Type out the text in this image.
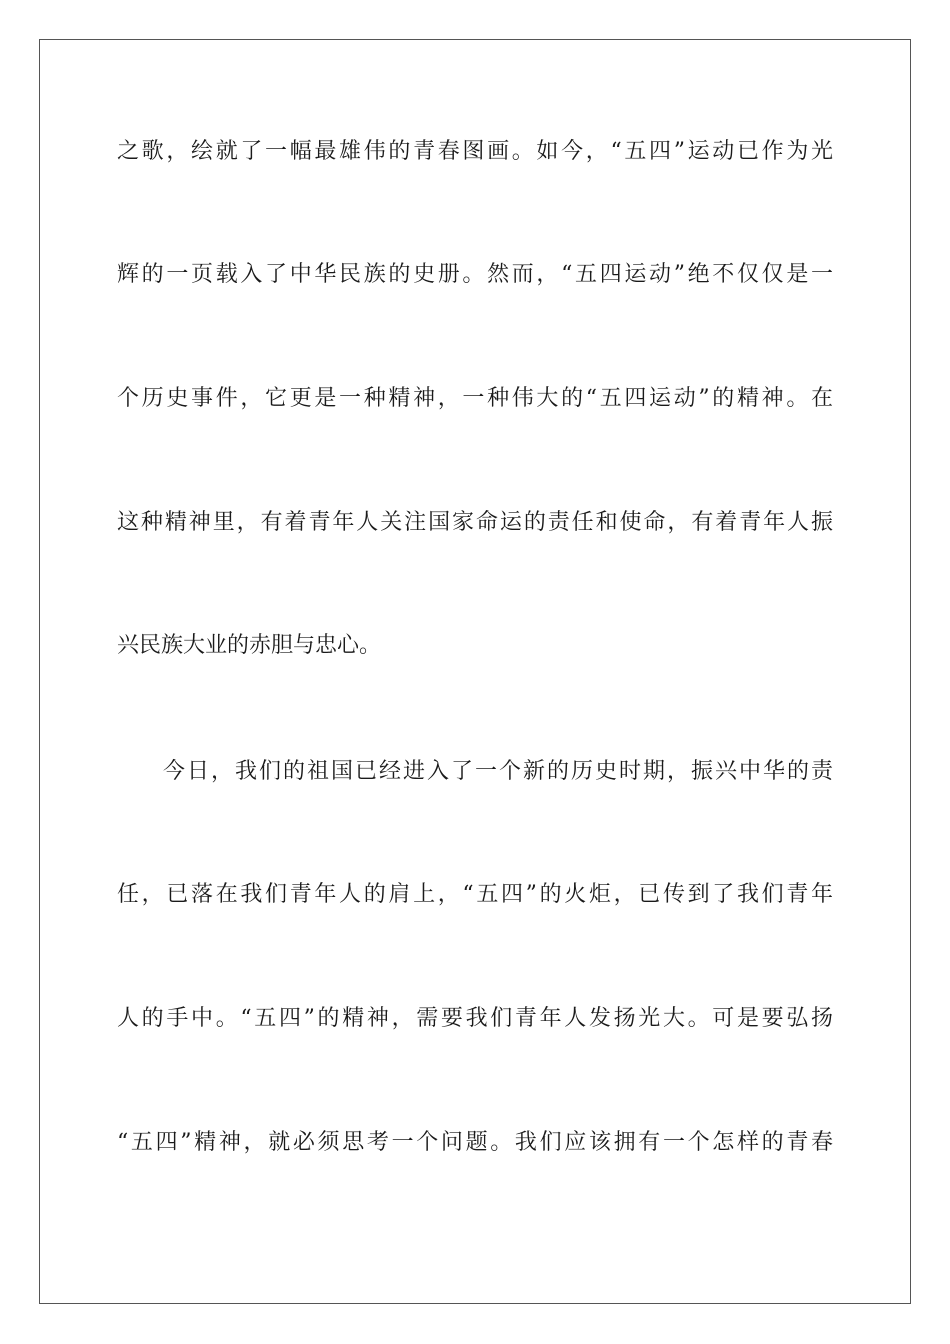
之歌，绘就了一幅最雄伟的青春图画。如今，“五四”运动已作为光
辉的一页载入了中华民族的史册。然而，“五四运动”绝不仅仅是一
个历史事件，它更是一种精神，一种伟大的“五四运动”的精神。在
这种精神里，有着青年人关注国家命运的责任和使命，有着青年人振
兴民族大业的赤胆与忠心。
今日，我们的祖国已经进入了一个新的历史时期，振兴中华的责
任，已落在我们青年人的肩上，“五四”的火炬，已传到了我们青年
人的手中。“五四”的精神，需要我们青年人发扬光大。可是要弘扬
“五四”精神，就必须思考一个问题。我们应该拥有一个怎样的青春
